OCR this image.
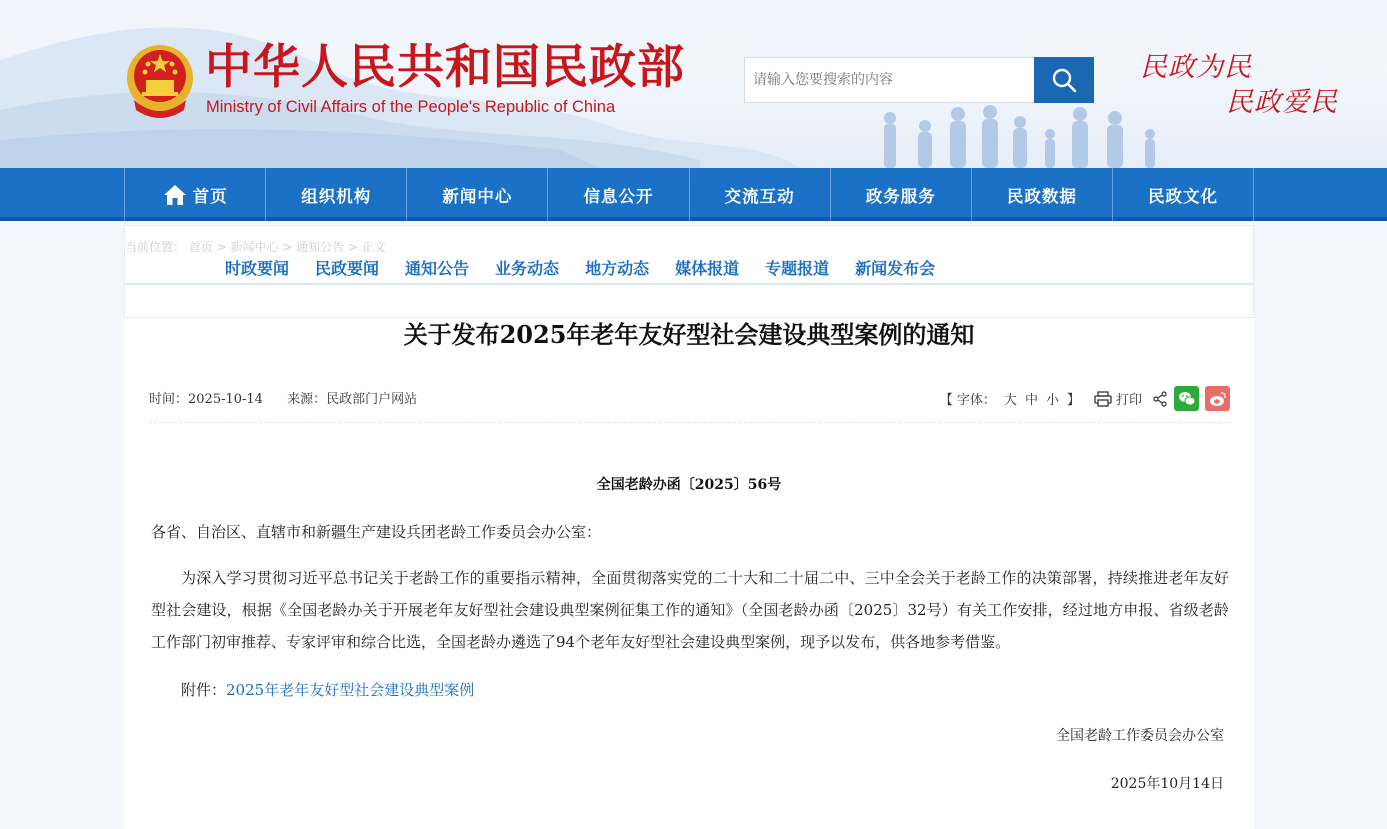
中华人民共和国民政部
Ministry of Civil Affairs of the People's Republic of China
请输入您要搜索的内容
民政为民
民政爱民
首页	组织机构	新闻中心	信息公开	交流互动	政务服务	民政数据	民政文化
当前位置： 首页 > 新闻中心 > 通知公告 > 正文
时政要闻 民政要闻 通知公告 业务动态 地方动态 媒体报道 专题报道 新闻发布会
关于发布2025年老年友好型社会建设典型案例的通知
时间：2025-10-14 来源：民政部门户网站	【 字体： 大 中 小 】	打印
全国老龄办函〔2025〕56号

各省、自治区、直辖市和新疆生产建设兵团老龄工作委员会办公室：

为深入学习贯彻习近平总书记关于老龄工作的重要指示精神，全面贯彻落实党的二十大和二十届二中、三中全会关于老龄工作的决策部署，持续推进老年友好型社会建设，根据《全国老龄办关于开展老年友好型社会建设典型案例征集工作的通知》（全国老龄办函〔2025〕32号）有关工作安排，经过地方申报、省级老龄工作部门初审推荐、专家评审和综合比选，全国老龄办遴选了94个老年友好型社会建设典型案例，现予以发布，供各地参考借鉴。

附件：2025年老年友好型社会建设典型案例

全国老龄工作委员会办公室
2025年10月14日
